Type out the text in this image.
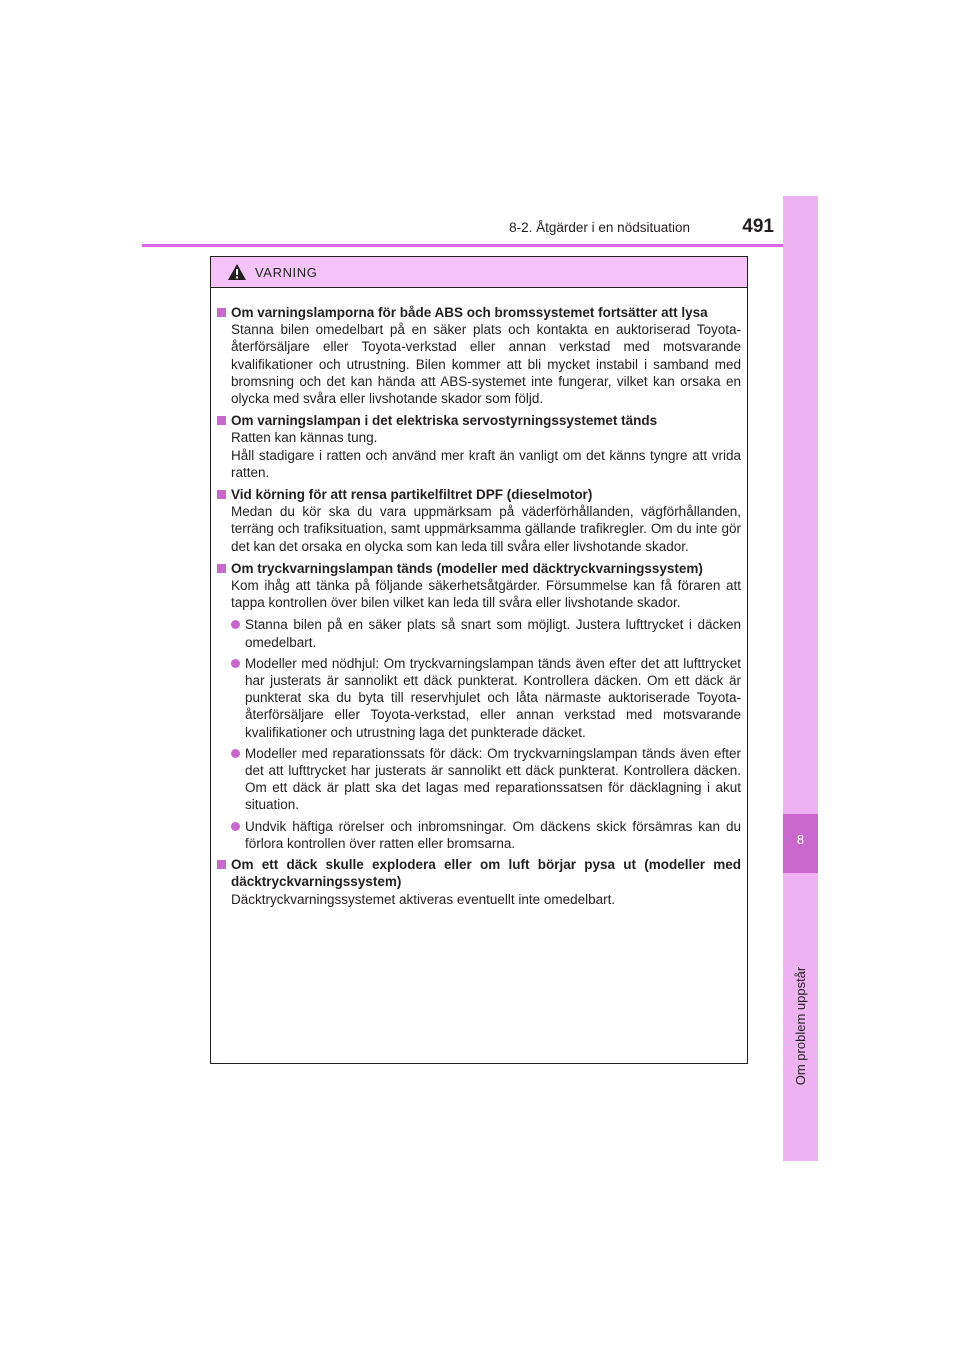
8-2. Åtgärder i en nödsituation	491
8
Om problem uppstår
VARNING
Om varningslamporna för både ABS och bromssystemet fortsätter att lysa
Stanna bilen omedelbart på en säker plats och kontakta en auktoriserad Toyota-återförsäljare eller Toyota-verkstad eller annan verkstad med motsvarande kvalifikationer och utrustning. Bilen kommer att bli mycket instabil i samband med bromsning och det kan hända att ABS-systemet inte fungerar, vilket kan orsaka en olycka med svåra eller livshotande skador som följd.
Om varningslampan i det elektriska servostyrningssystemet tänds
Ratten kan kännas tung.
Håll stadigare i ratten och använd mer kraft än vanligt om det känns tyngre att vrida ratten.
Vid körning för att rensa partikelfiltret DPF (dieselmotor)
Medan du kör ska du vara uppmärksam på väderförhållanden, vägförhållanden, terräng och trafiksituation, samt uppmärksamma gällande trafikregler. Om du inte gör det kan det orsaka en olycka som kan leda till svåra eller livshotande skador.
Om tryckvarningslampan tänds (modeller med däcktryckvarningssystem)
Kom ihåg att tänka på följande säkerhetsåtgärder. Försummelse kan få föraren att tappa kontrollen över bilen vilket kan leda till svåra eller livshotande skador.
Stanna bilen på en säker plats så snart som möjligt. Justera lufttrycket i däcken omedelbart.
Modeller med nödhjul: Om tryckvarningslampan tänds även efter det att lufttrycket har justerats är sannolikt ett däck punkterat. Kontrollera däcken. Om ett däck är punkterat ska du byta till reservhjulet och låta närmaste auktoriserade Toyota-återförsäljare eller Toyota-verkstad, eller annan verkstad med motsvarande kvalifikationer och utrustning laga det punkterade däcket.
Modeller med reparationssats för däck: Om tryckvarningslampan tänds även efter det att lufttrycket har justerats är sannolikt ett däck punkterat. Kontrollera däcken. Om ett däck är platt ska det lagas med reparationssatsen för däcklagning i akut situation.
Undvik häftiga rörelser och inbromsningar. Om däckens skick försämras kan du förlora kontrollen över ratten eller bromsarna.
Om ett däck skulle explodera eller om luft börjar pysa ut (modeller med däcktryckvarningssystem)
Däcktryckvarningssystemet aktiveras eventuellt inte omedelbart.
